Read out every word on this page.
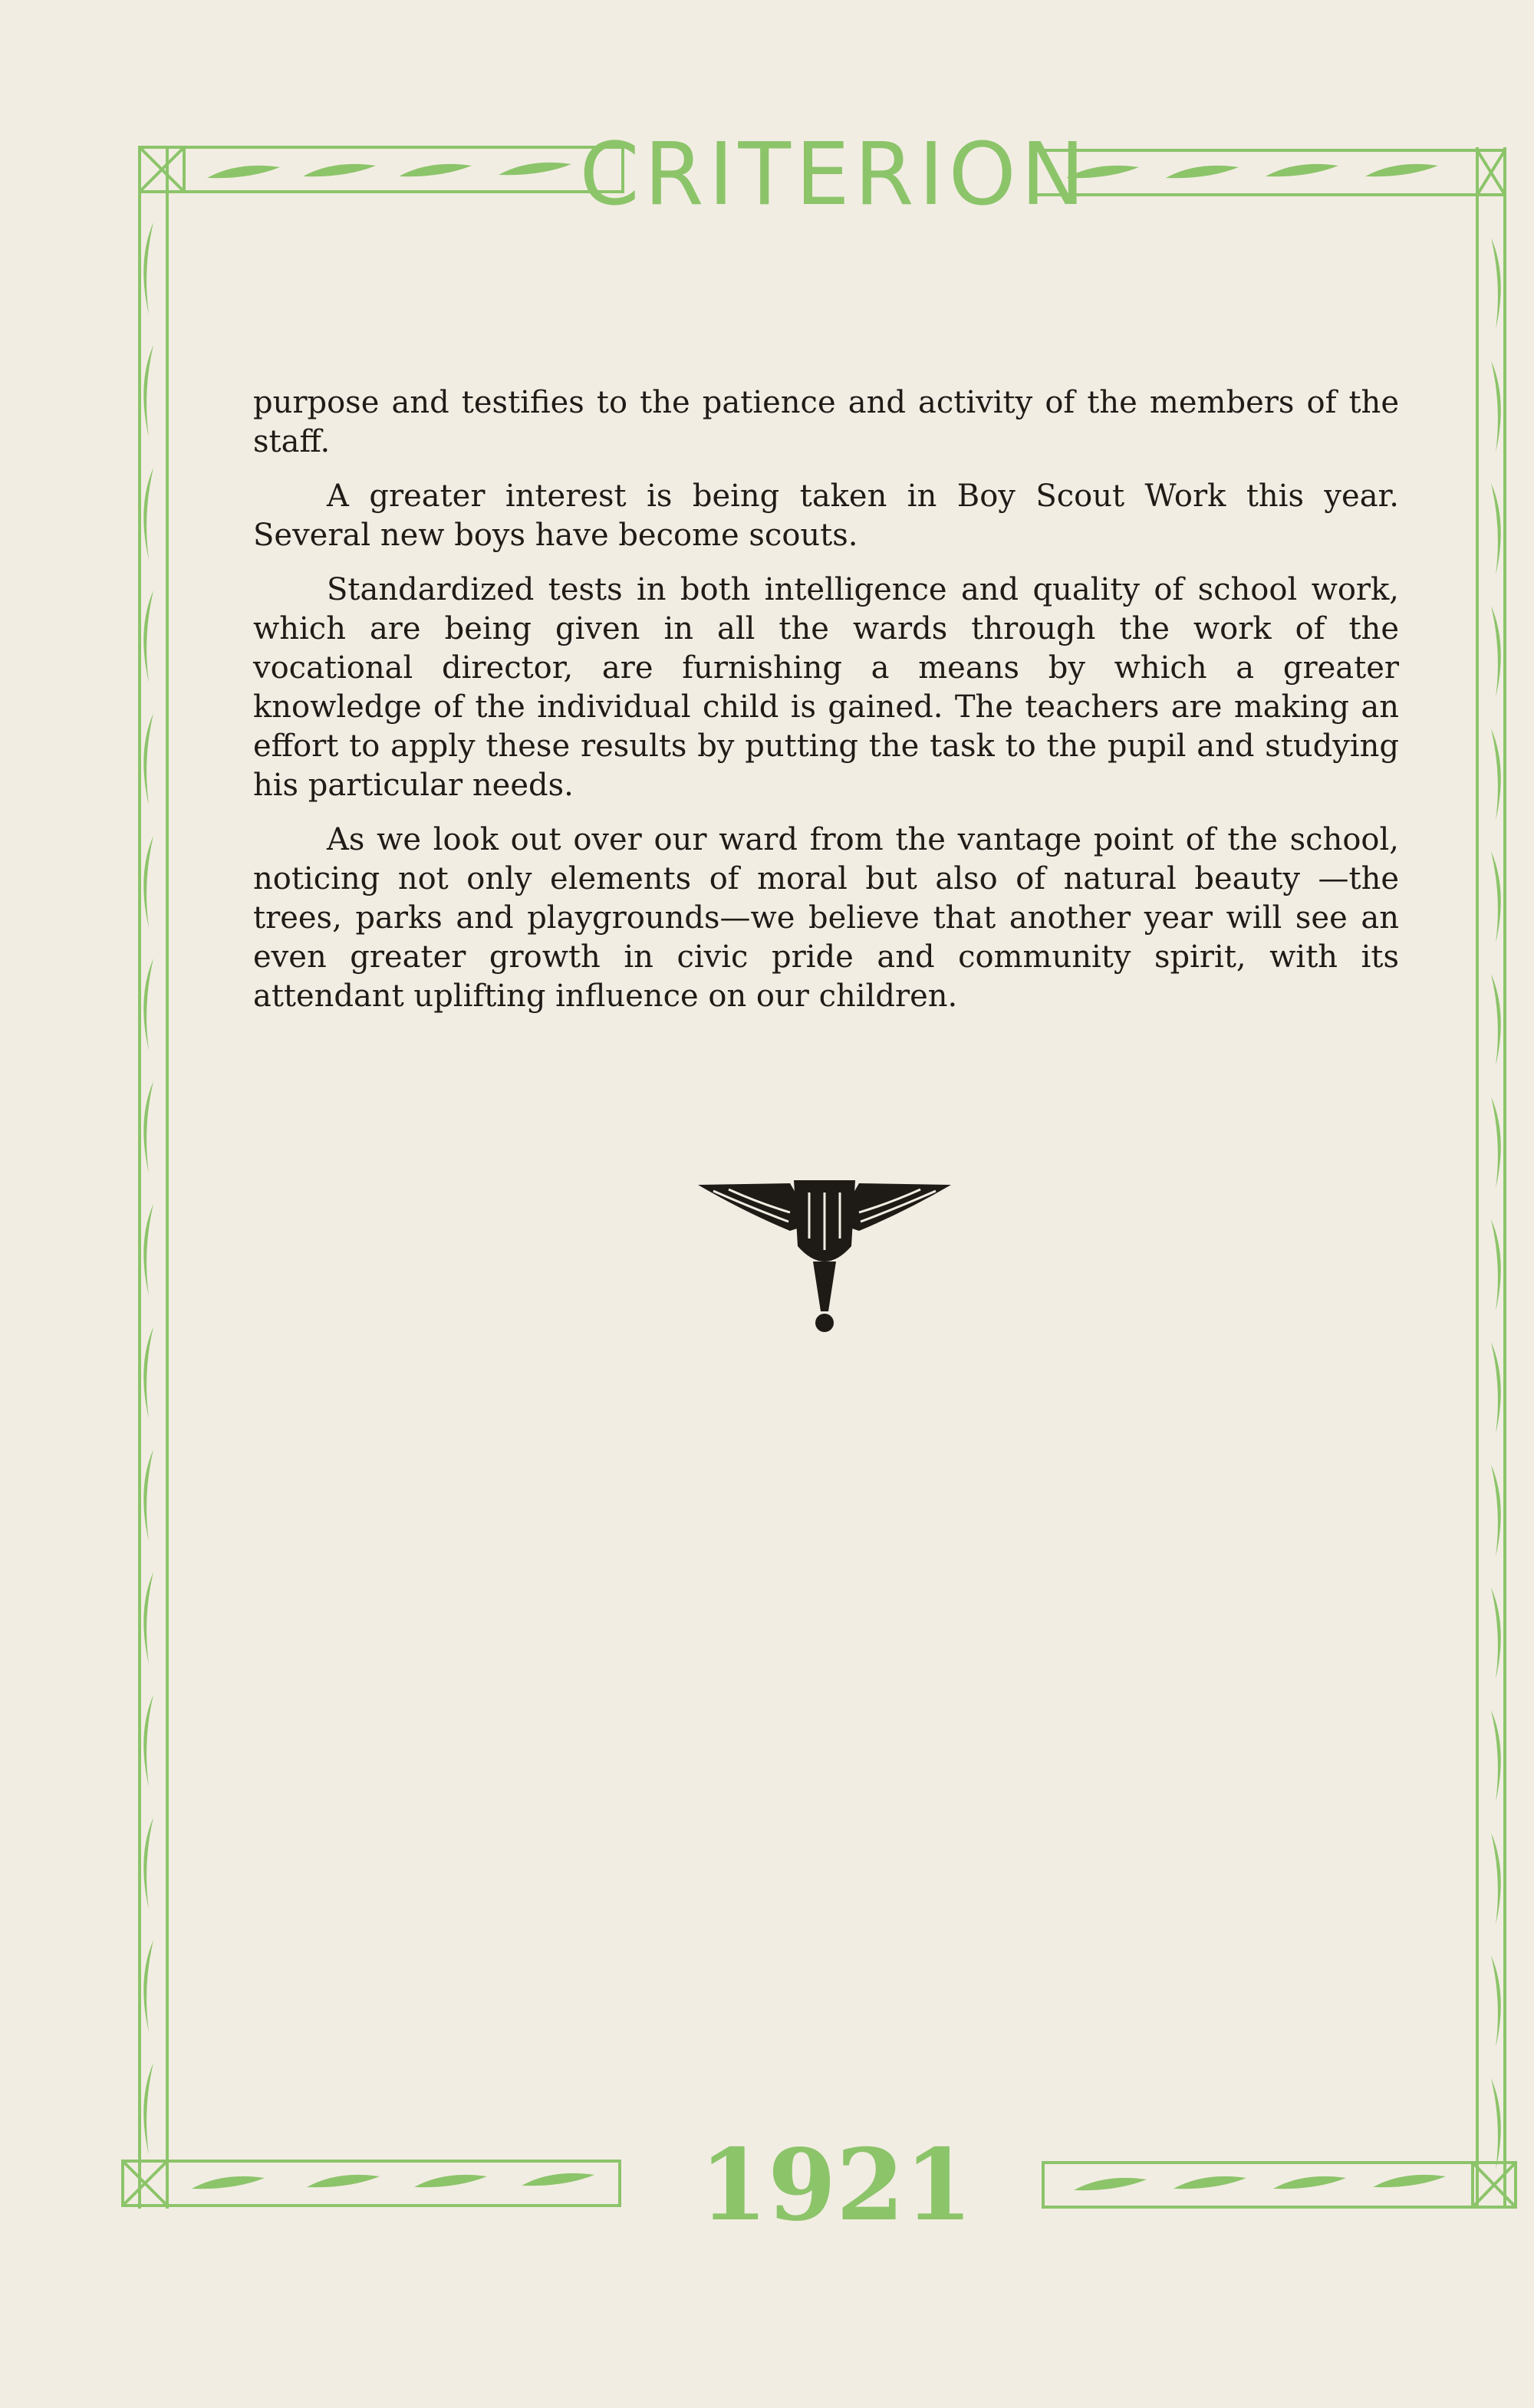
CRITERION

purpose and testifies to the patience and activity of the members of the staff.

A greater interest is being taken in Boy Scout Work this year. Several new boys have become scouts.

Standardized tests in both intelligence and quality of school work, which are being given in all the wards through the work of the vocational director, are furnishing a means by which a greater knowledge of the individual child is gained. The teachers are making an effort to apply these results by putting the task to the pupil and studying his particular needs.

As we look out over our ward from the vantage point of the school, noticing not only elements of moral but also of natural beauty —the trees, parks and playgrounds—we believe that another year will see an even greater growth in civic pride and community spirit, with its attendant uplifting influence on our children.

1921
